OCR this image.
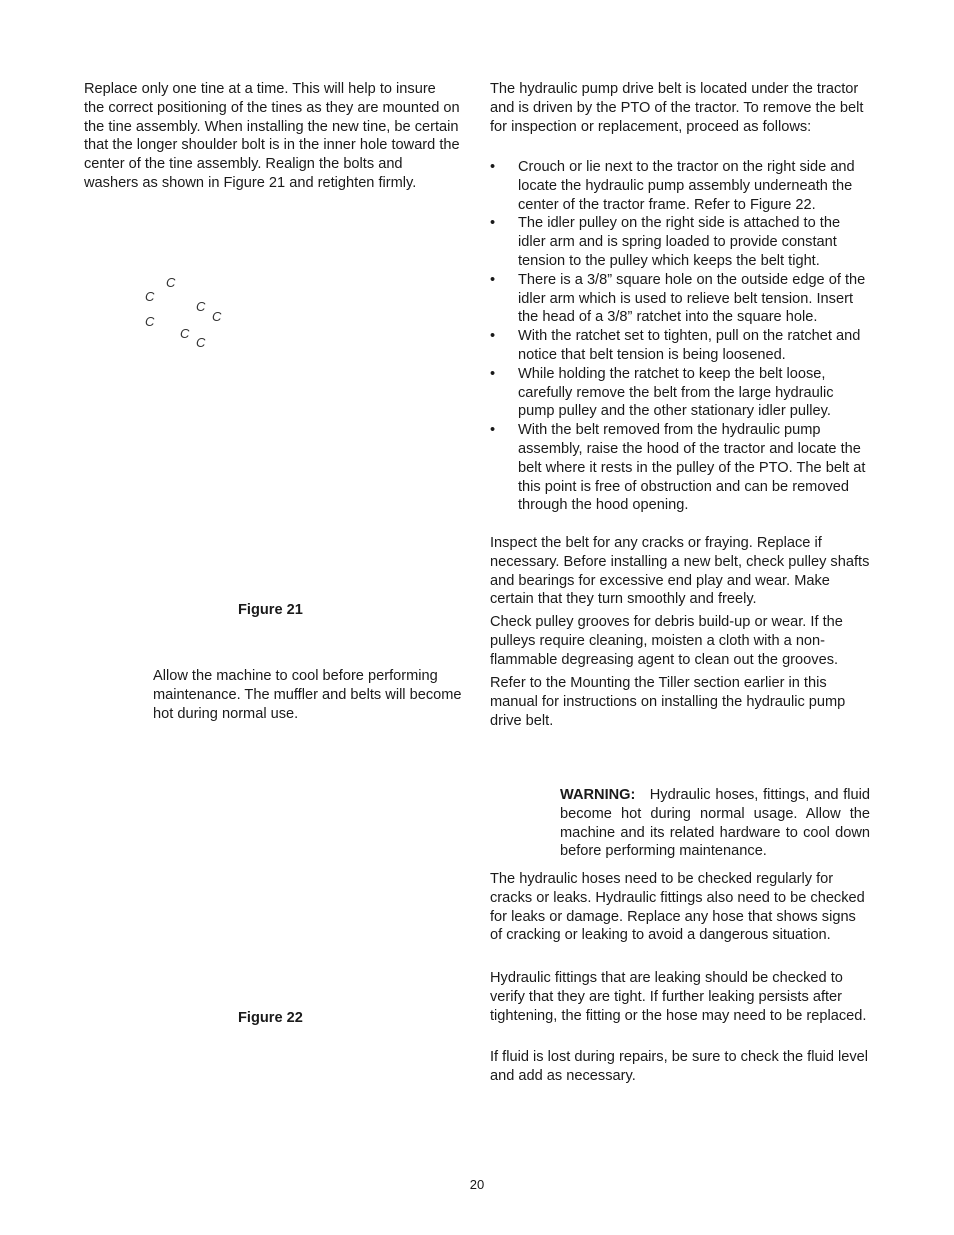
Replace only one tine at a time. This will help to insure the correct positioning of the tines as they are mounted on the tine assembly. When installing the new tine, be certain that the longer shoulder bolt is in the inner hole toward the center of the tine assembly. Realign the bolts and washers as shown in Figure 21 and retighten firmly.

C
C
C
C
C
C
C
Figure 21

Allow the machine to cool before performing maintenance. The muffler and belts will become hot during normal use.

Figure 22

The hydraulic pump drive belt is located under the tractor and is driven by the PTO of the tractor. To remove the belt for inspection or replacement, proceed as follows:

• Crouch or lie next to the tractor on the right side and locate the hydraulic pump assembly underneath the center of the tractor frame. Refer to Figure 22.
• The idler pulley on the right side is attached to the idler arm and is spring loaded to provide constant tension to the pulley which keeps the belt tight.
• There is a 3/8” square hole on the outside edge of the idler arm which is used to relieve belt tension. Insert the head of a 3/8” ratchet into the square hole.
• With the ratchet set to tighten, pull on the ratchet and notice that belt tension is being loosened.
• While holding the ratchet to keep the belt loose, carefully remove the belt from the large hydraulic pump pulley and the other stationary idler pulley.
• With the belt removed from the hydraulic pump assembly, raise the hood of the tractor and locate the belt where it rests in the pulley of the PTO. The belt at this point is free of obstruction and can be removed through the hood opening.

Inspect the belt for any cracks or fraying. Replace if necessary. Before installing a new belt, check pulley shafts and bearings for excessive end play and wear. Make certain that they turn smoothly and freely.

Check pulley grooves for debris build-up or wear. If the pulleys require cleaning, moisten a cloth with a non-flammable degreasing agent to clean out the grooves.

Refer to the Mounting the Tiller section earlier in this manual for instructions on installing the hydraulic pump drive belt.

WARNING: Hydraulic hoses, fittings, and fluid become hot during normal usage. Allow the machine and its related hardware to cool down before performing maintenance.

The hydraulic hoses need to be checked regularly for cracks or leaks. Hydraulic fittings also need to be checked for leaks or damage. Replace any hose that shows signs of cracking or leaking to avoid a dangerous situation.

Hydraulic fittings that are leaking should be checked to verify that they are tight. If further leaking persists after tightening, the fitting or the hose may need to be replaced.

If fluid is lost during repairs, be sure to check the fluid level and add as necessary.

20
